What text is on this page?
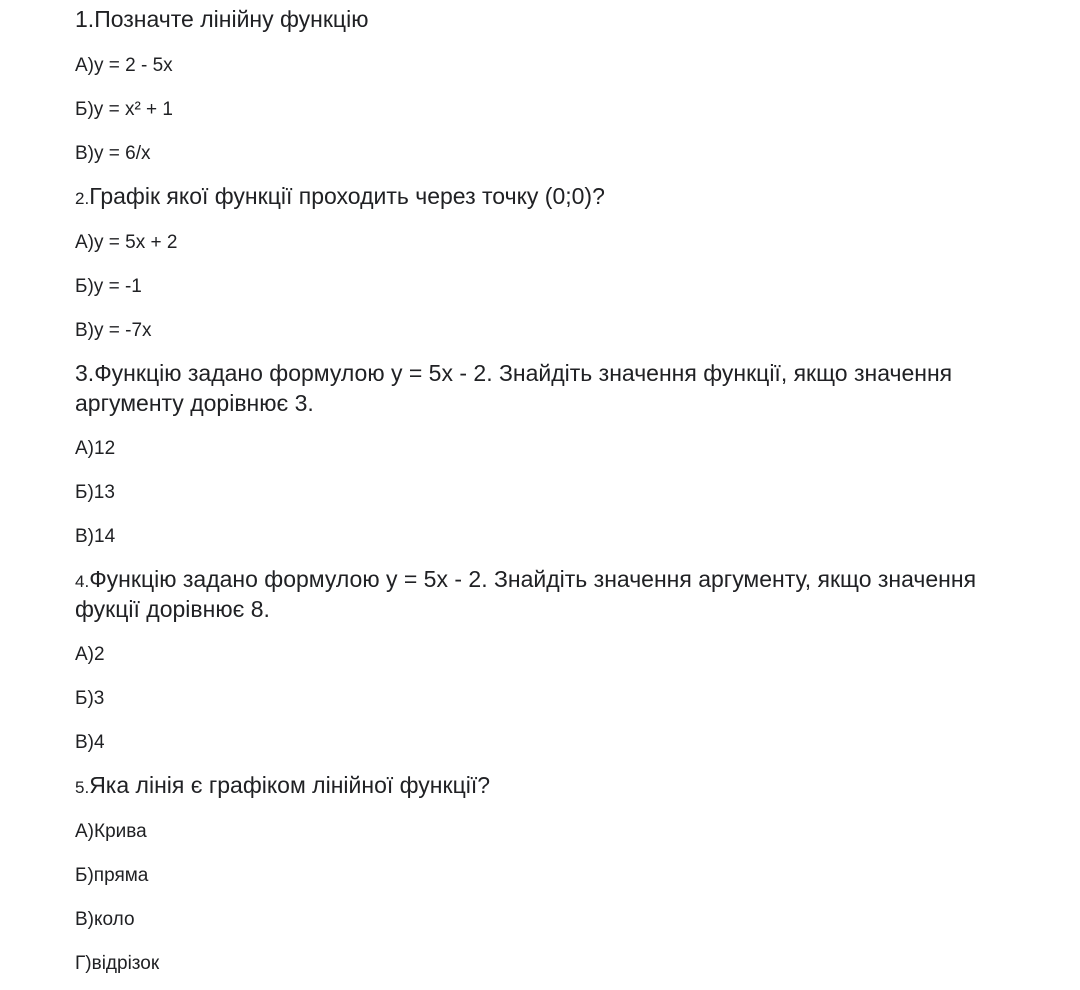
1.Позначте лінійну функцію
А)y = 2 - 5x
Б)y = x² + 1
В)y = 6/x
2.Графік якої функції проходить через точку (0;0)?
А)y = 5x + 2
Б)y = -1
В)y = -7x
3.Функцію задано формулою y = 5x - 2. Знайдіть значення функції, якщо значення
аргументу дорівнює 3.
А)12
Б)13
В)14
4.Функцію задано формулою y = 5x - 2. Знайдіть значення аргументу, якщо значення
фукції дорівнює 8.
А)2
Б)3
В)4
5.Яка лінія є графіком лінійної функції?
А)Крива
Б)пряма
В)коло
Г)відрізок
